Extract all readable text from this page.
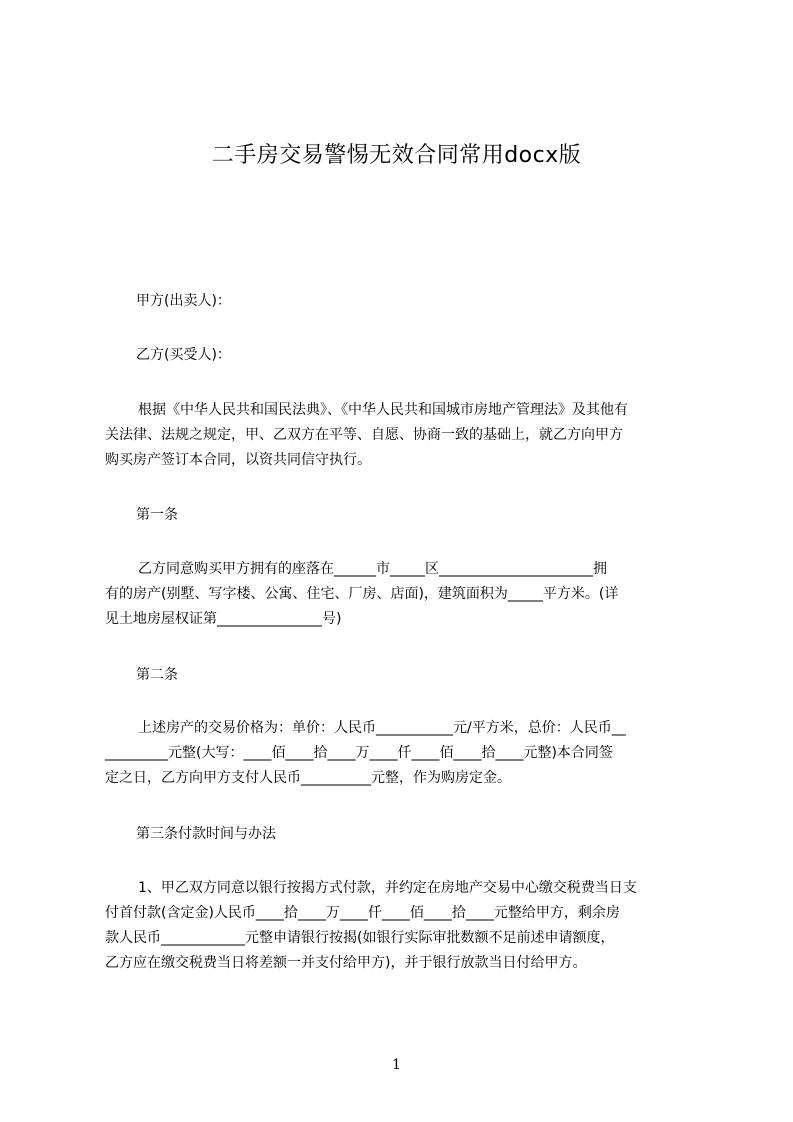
二手房交易警惕无效合同常用docx版
甲方(出卖人)：
乙方(买受人)：
根据《中华人民共和国民法典》、《中华人民共和国城市房地产管理法》及其他有
关法律、法规之规定，甲、乙双方在平等、自愿、协商一致的基础上，就乙方向甲方
购买房产签订本合同，以资共同信守执行。
第一条
乙方同意购买甲方拥有的座落在______市_____区______________________拥
有的房产(别墅、写字楼、公寓、住宅、厂房、店面)，建筑面积为_____平方米。(详
见土地房屋权证第_______________号)
第二条
上述房产的交易价格为：单价：人民币___________元/平方米，总价：人民币__
_________元整(大写：____佰____拾____万____仟____佰____拾____元整)本合同签
定之日，乙方向甲方支付人民币__________元整，作为购房定金。
第三条付款时间与办法
1、甲乙双方同意以银行按揭方式付款，并约定在房地产交易中心缴交税费当日支
付首付款(含定金)人民币____拾____万____仟____佰____拾____元整给甲方，剩余房
款人民币____________元整申请银行按揭(如银行实际审批数额不足前述申请额度，
乙方应在缴交税费当日将差额一并支付给甲方)，并于银行放款当日付给甲方。
1
